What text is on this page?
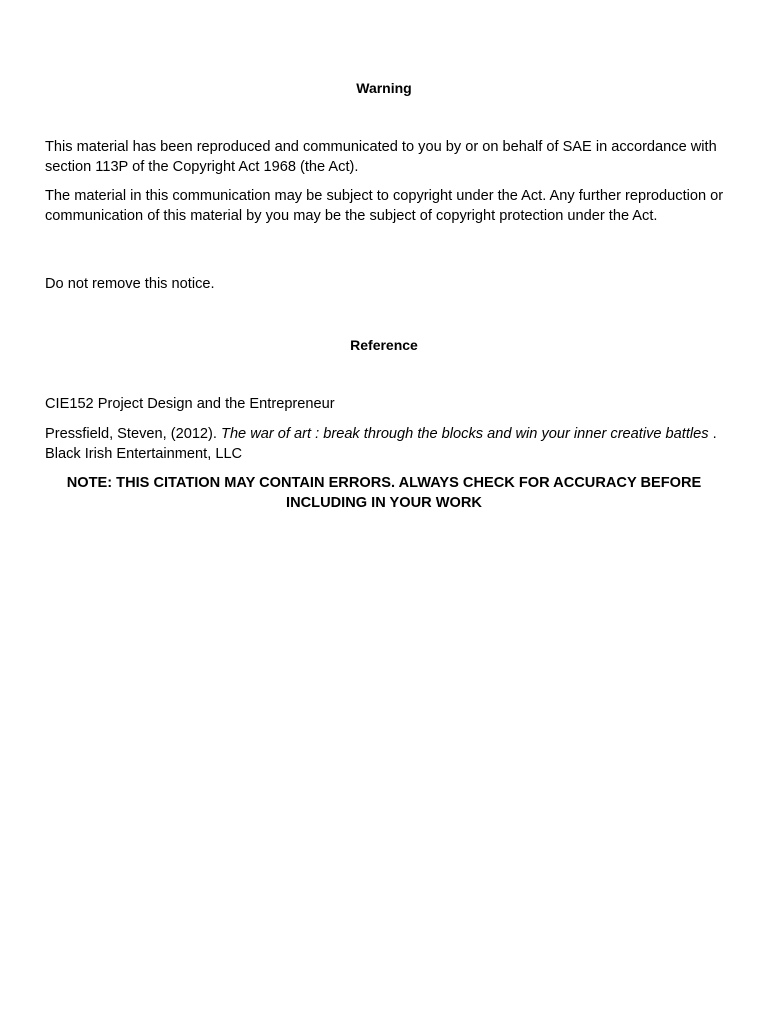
Warning

This material has been reproduced and communicated to you by or on behalf of SAE in accordance with section 113P of the Copyright Act 1968 (the Act).

The material in this communication may be subject to copyright under the Act. Any further reproduction or communication of this material by you may be the subject of copyright protection under the Act.

Do not remove this notice.

Reference

CIE152 Project Design and the Entrepreneur

Pressfield, Steven, (2012). The war of art : break through the blocks and win your inner creative battles . Black Irish Entertainment, LLC

NOTE: THIS CITATION MAY CONTAIN ERRORS. ALWAYS CHECK FOR ACCURACY BEFORE
INCLUDING IN YOUR WORK
